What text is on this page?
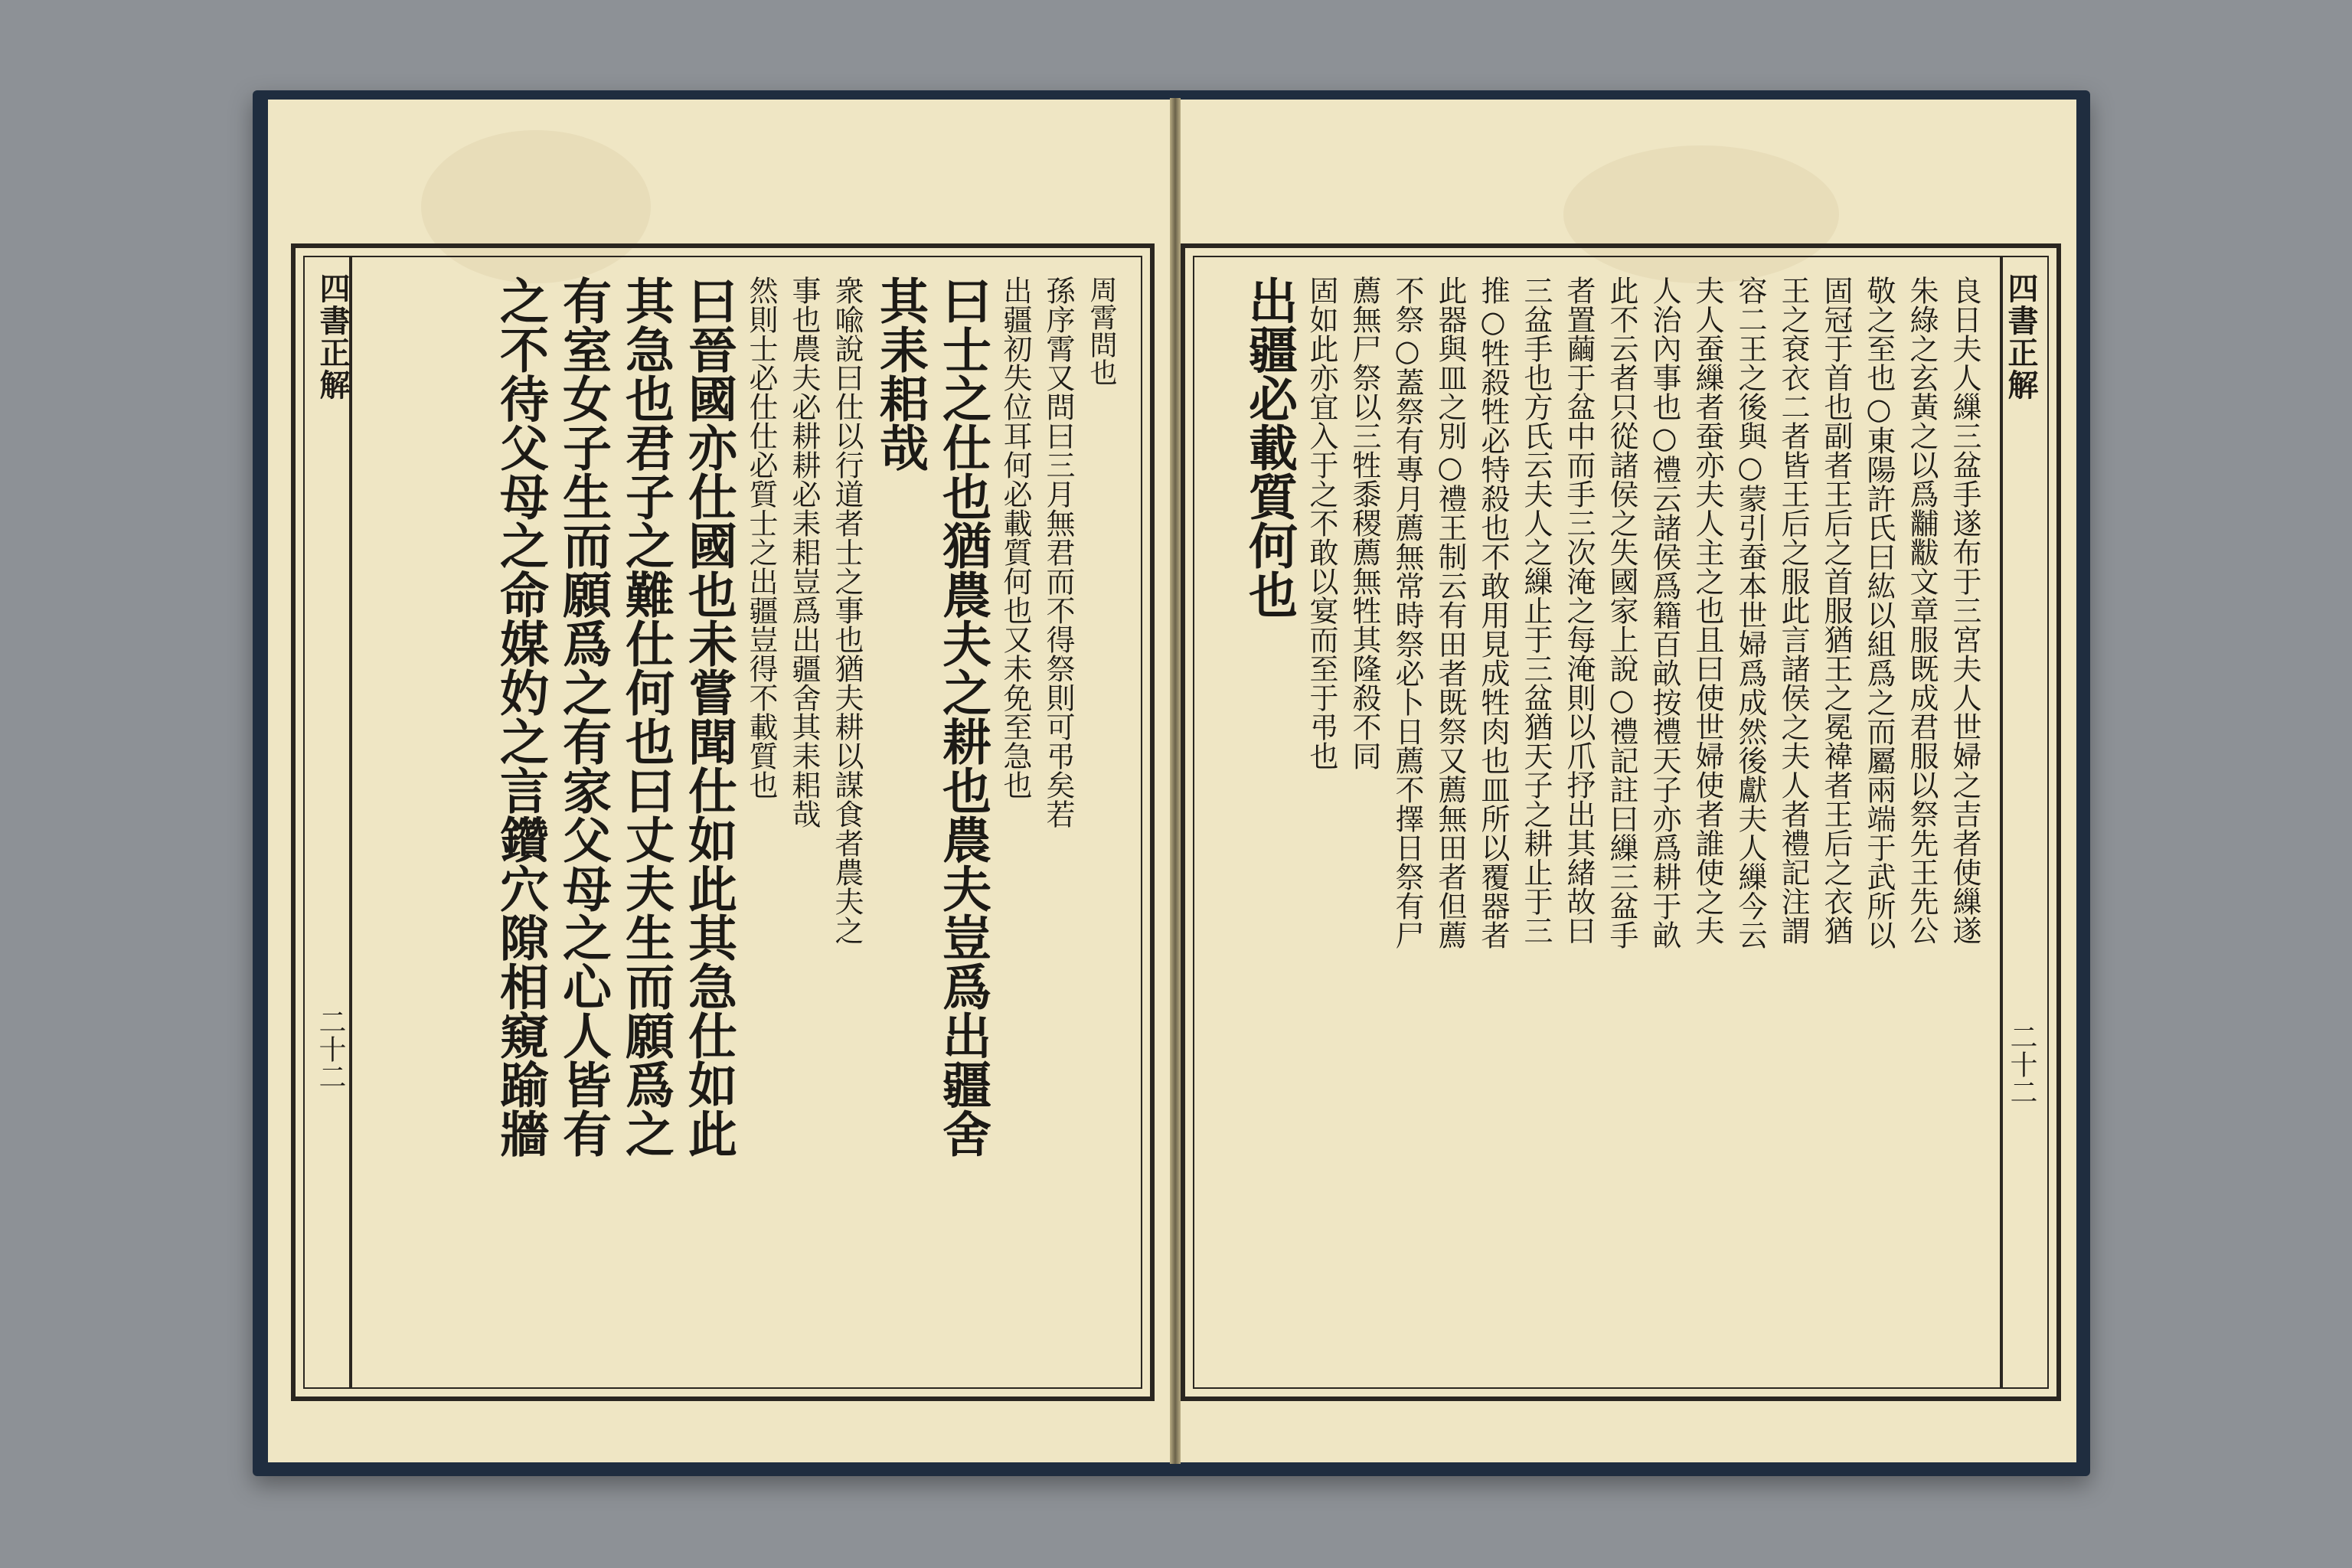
四書正解
二十二
周霄問也
孫序霄又問曰三月無君而不得祭則可弔矣若
出疆初失位耳何必載質何也又未免至急也
曰士之仕也猶農夫之耕也農夫豈爲出疆舍
其耒耜哉
衆喩說曰仕以行道者士之事也猶夫耕以謀食者農夫之
事也農夫必耕耕必耒耜豈爲出疆舍其耒耜哉
然則士必仕仕必質士之出疆豈得不載質也
曰晉國亦仕國也未嘗聞仕如此其急仕如此
其急也君子之難仕何也曰丈夫生而願爲之
有室女子生而願爲之有家父母之心人皆有
之不待父母之命媒妁之言鑽穴隙相窺踰牆	四書正解
二十二
良日夫人繅三盆手遂布于三宮夫人世婦之吉者使繅遂
朱綠之玄黃之以爲黼黻文章服既成君服以祭先王先公
敬之至也○東陽許氏曰紘以組爲之而屬兩端于武所以
固冠于首也副者王后之首服猶王之冕褘者王后之衣猶
王之袞衣二者皆王后之服此言諸侯之夫人者禮記注謂
容二王之後與○蒙引蚕本世婦爲成然後獻夫人繅今云
夫人蚕繅者蚕亦夫人主之也且曰使世婦使者誰使之夫
人治內事也○禮云諸侯爲籍百畝按禮天子亦爲耕于畝
此不云者只從諸侯之失國家上說○禮記註曰繅三盆手
者置繭于盆中而手三次淹之每淹則以爪抒出其緒故曰
三盆手也方氏云夫人之繅止于三盆猶天子之耕止于三
推○牲殺牲必特殺也不敢用見成牲肉也皿所以覆器者
此器與皿之別○禮王制云有田者既祭又薦無田者但薦
不祭○蓋祭有專月薦無常時祭必卜日薦不擇日祭有尸
薦無尸祭以三牲黍稷薦無牲其隆殺不同
固如此亦宜入于之不敢以宴而至于弔也
出疆必載質何也
